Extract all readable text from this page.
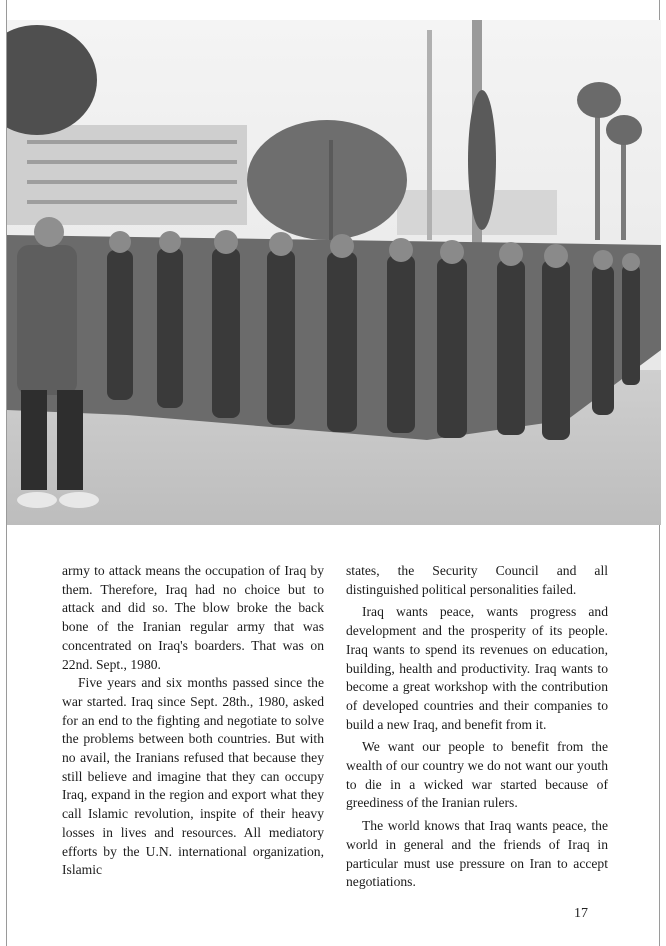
army to attack means the occupation of Iraq by them. Therefore, Iraq had no choice but to attack and did so. The blow broke the back bone of the Iranian regular army that was concentrated on Iraq's boarders. That was on 22nd. Sept., 1980.

Five years and six months passed since the war started. Iraq since Sept. 28th., 1980, asked for an end to the fighting and negotiate to solve the problems between both countries. But with no avail, the Iranians refused that because they still believe and imagine that they can occupy Iraq, expand in the region and export what they call Islamic revolution, inspite of their heavy losses in lives and resources. All mediatory efforts by the U.N. international organization, Islamic

states, the Security Council and all distinguished political personalities failed.

Iraq wants peace, wants progress and development and the prosperity of its people. Iraq wants to spend its revenues on education, building, health and productivity. Iraq wants to become a great workshop with the contribution of developed countries and their companies to build a new Iraq, and benefit from it.

We want our people to benefit from the wealth of our country we do not want our youth to die in a wicked war started because of greediness of the Iranian rulers.

The world knows that Iraq wants peace, the world in general and the friends of Iraq in particular must use pressure on Iran to accept negotiations.

17
